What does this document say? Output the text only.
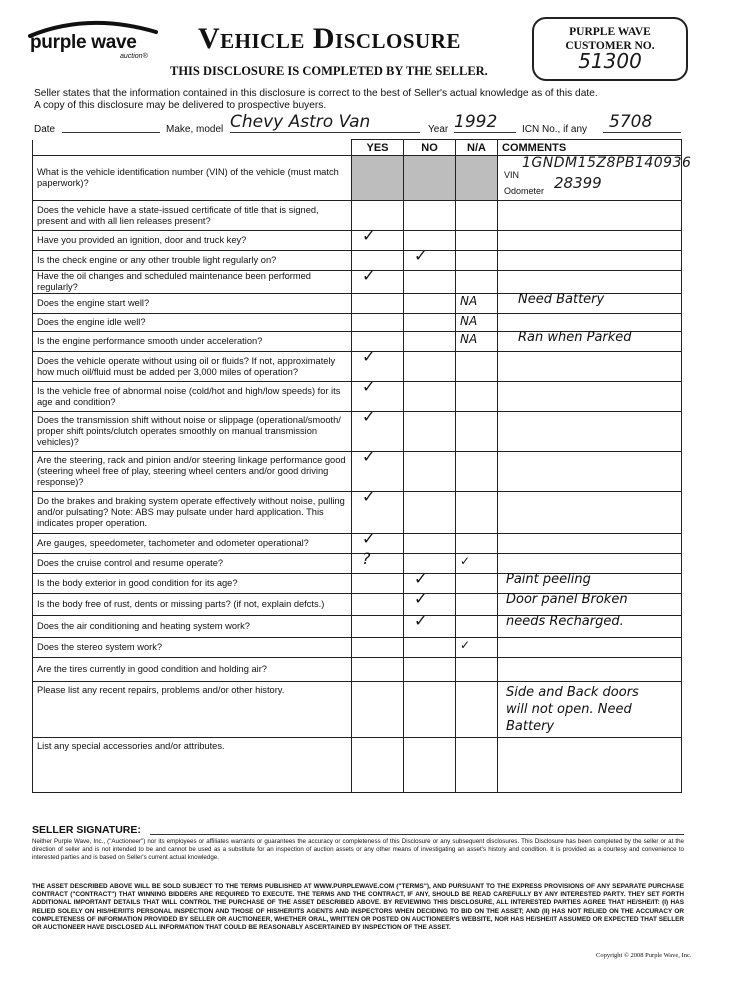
purple wave
auction®
Vehicle Disclosure
THIS DISCLOSURE IS COMPLETED BY THE SELLER.
PURPLE WAVE
CUSTOMER NO.
51300
Seller states that the information contained in this disclosure is correct to the best of Seller's actual knowledge as of this date.
A copy of this disclosure may be delivered to prospective buyers.
Date	Make, model Chevy Astro Van	Year 1992	ICN No., if any	5708
	YES	NO	N/A	COMMENTS
What is the vehicle identification number (VIN) of the vehicle (must match paperwork)?				VIN
1GNDM15Z8PB140936
Odometer 28399

Does the vehicle have a state-issued certificate of title that is signed, present and with all lien releases present?	

Have you provided an ignition, door and truck key?	✓			

Is the check engine or any other trouble light regularly on?		✓		

Have the oil changes and scheduled maintenance been performed regularly?	✓			

Does the engine start well?			NA	Need Battery

Does the engine idle well?			NA	

Is the engine performance smooth under acceleration?			NA	Ran when Parked

Does the vehicle operate without using oil or fluids? If not, approximately how much oil/fluid must be added per 3,000 miles of operation?	✓			

Is the vehicle free of abnormal noise (cold/hot and high/low speeds) for its age and condition?	✓			

Does the transmission shift without noise or slippage (operational/smooth/ proper shift points/clutch operates smoothly on manual transmission vehicles)?	✓			

Are the steering, rack and pinion and/or steering linkage performance good (steering wheel free of play, steering wheel centers and/or good driving response)?	✓			

Do the brakes and braking system operate effectively without noise, pulling and/or pulsating? Note: ABS may pulsate under hard application. This indicates proper operation.	✓			

Are gauges, speedometer, tachometer and odometer operational?	✓			

Does the cruise control and resume operate?	?		✓	

Is the body exterior in good condition for its age?		✓		Paint peeling

Is the body free of rust, dents or missing parts? (if not, explain defcts.)		✓		Door panel Broken

Does the air conditioning and heating system work?		✓		needs Recharged.

Does the stereo system work?			✓	

Are the tires currently in good condition and holding air?	

Please list any recent repairs, problems and/or other history.				Side and Back doors will not open. Need Battery

List any special accessories and/or attributes.	

SELLER SIGNATURE:
Neither Purple Wave, Inc., ("Auctioneer") nor its employees or affiliates warrants or guarantees the accuracy or completeness of this Disclosure or any subsequent disclosures. This Disclosure has been completed by the seller or at the direction of seller and is not intended to be and cannot be used as a substitute for an inspection of auction assets or any other means of investigating an asset's history and condition. It is provided as a courtesy and convenience to interested parties and is based on Seller's current actual knowledge.
THE ASSET DESCRIBED ABOVE WILL BE SOLD SUBJECT TO THE TERMS PUBLISHED AT WWW.PURPLEWAVE.COM ("TERMS"), AND PURSUANT TO THE EXPRESS PROVISIONS OF ANY SEPARATE PURCHASE CONTRACT ("CONTRACT") THAT WINNING BIDDERS ARE REQUIRED TO EXECUTE. THE TERMS AND THE CONTRACT, IF ANY, SHOULD BE READ CAREFULLY BY ANY INTERESTED PARTY. THEY SET FORTH ADDITIONAL IMPORTANT DETAILS THAT WILL CONTROL THE PURCHASE OF THE ASSET DESCRIBED ABOVE. BY REVIEWING THIS DISCLOSURE, ALL INTERESTED PARTIES AGREE THAT HE/SHE/IT: (I) HAS RELIED SOLELY ON HIS/HER/ITS PERSONAL INSPECTION AND THOSE OF HIS/HER/ITS AGENTS AND INSPECTORS WHEN DECIDING TO BID ON THE ASSET; AND (II) HAS NOT RELIED ON THE ACCURACY OR COMPLETENESS OF INFORMATION PROVIDED BY SELLER OR AUCTIONEER, WHETHER ORAL, WRITTEN OR POSTED ON AUCTIONEER'S WEBSITE, NOR HAS HE/SHE/IT ASSUMED OR EXPECTED THAT SELLER OR AUCTIONEER HAVE DISCLOSED ALL INFORMATION THAT COULD BE REASONABLY ASCERTAINED BY INSPECTION OF THE ASSET.
Copyright © 2008 Purple Wave, Inc.
